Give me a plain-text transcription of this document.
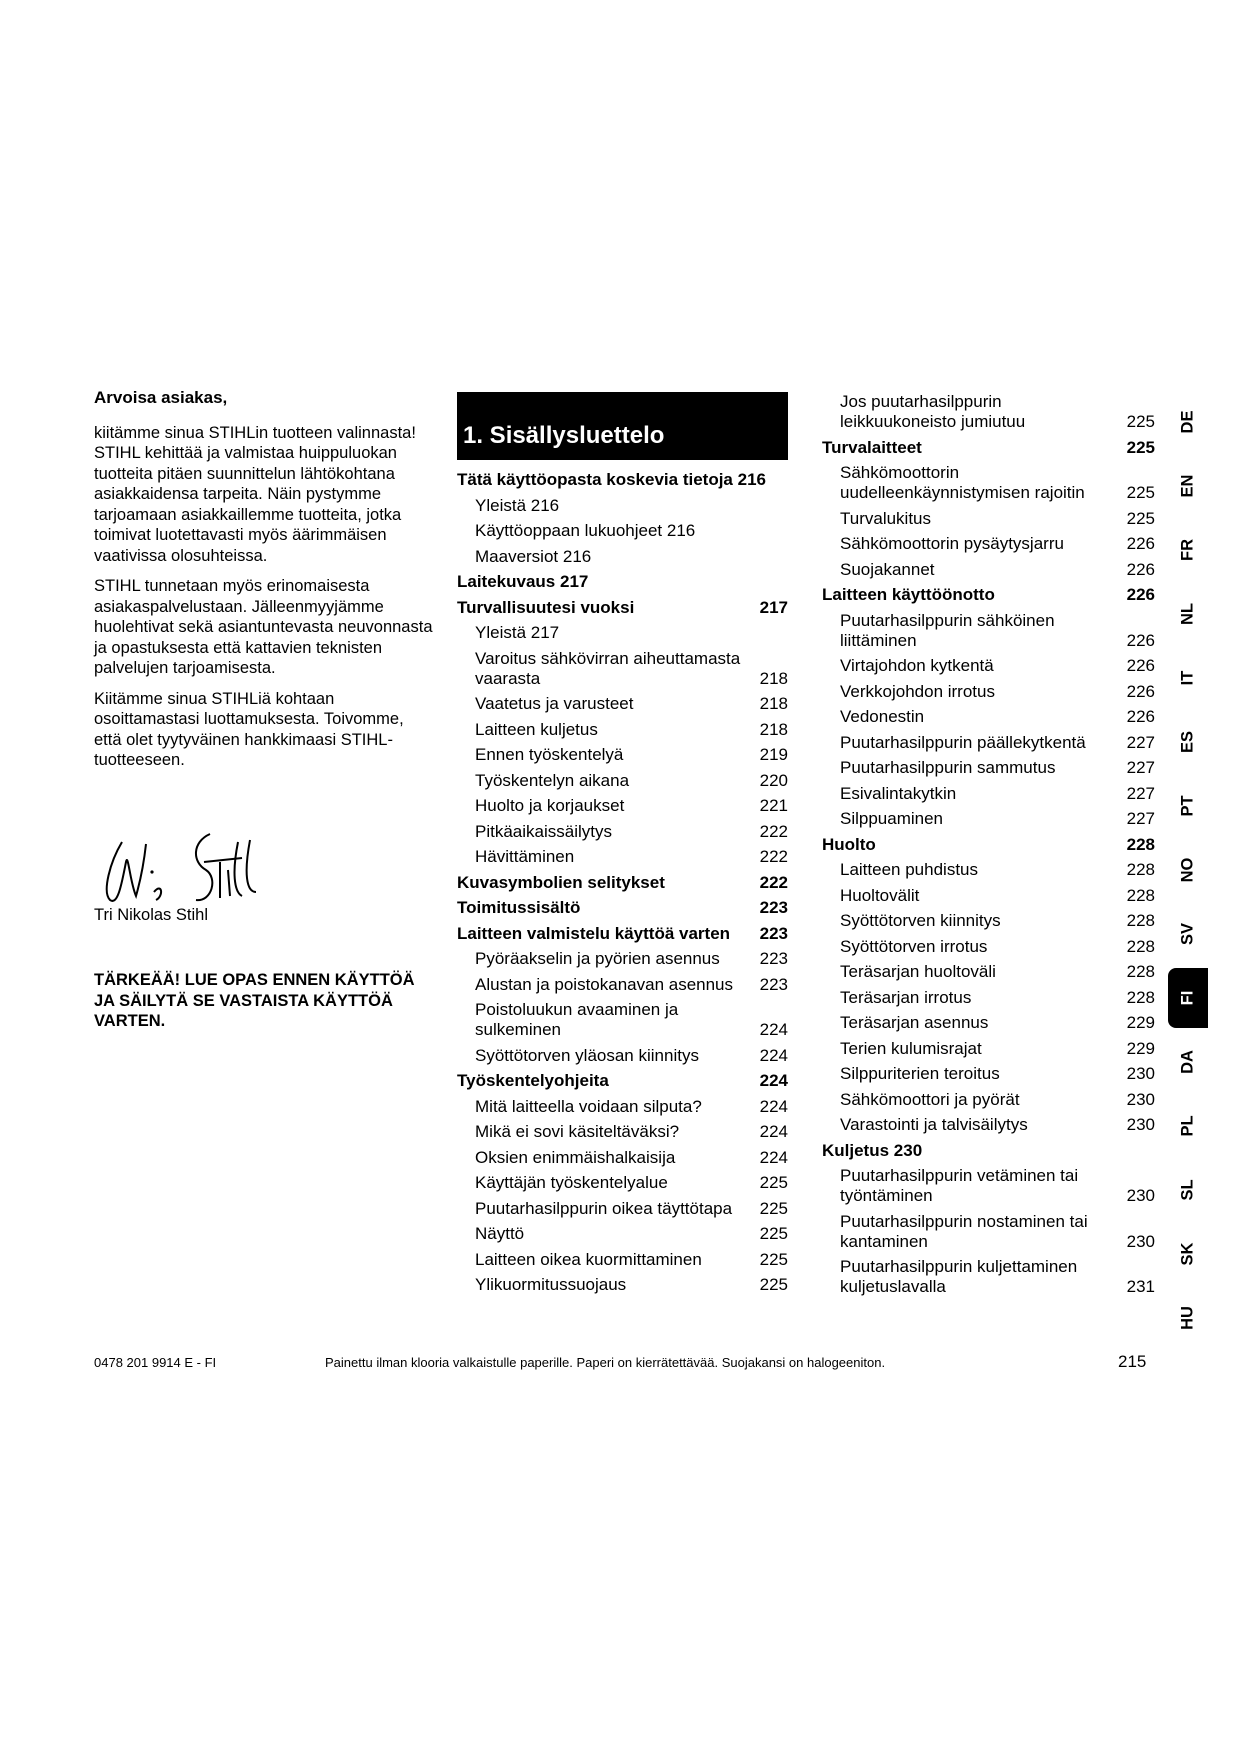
Arvoisa asiakas,

kiitämme sinua STIHLin tuotteen valinnasta! STIHL kehittää ja valmistaa huippuluokan tuotteita pitäen suunnittelun lähtökohtana asiakkaidensa tarpeita. Näin pystymme tarjoamaan asiakkaillemme tuotteita, jotka toimivat luotettavasti myös äärimmäisen vaativissa olosuhteissa.

STIHL tunnetaan myös erinomaisesta asiakaspalvelustaan. Jälleenmyyjämme huolehtivat sekä asiantuntevasta neuvonnasta ja opastuksesta että kattavien teknisten palvelujen tarjoamisesta.

Kiitämme sinua STIHLiä kohtaan osoittamastasi luottamuksesta. Toivomme, että olet tyytyväinen hankkimaasi STIHL-tuotteeseen.

Tri Nikolas Stihl
TÄRKEÄÄ! LUE OPAS ENNEN KÄYTTÖÄ JA SÄILYTÄ SE VASTAISTA KÄYTTÖÄ VARTEN.
1. Sisällysluettelo
Tätä käyttöopasta koskevia tietoja 216
Yleistä 216
Käyttöoppaan lukuohjeet 216
Maaversiot 216
Laitekuvaus 217
Turvallisuutesi vuoksi	217
Yleistä 217
Varoitus sähkövirran aiheuttamasta vaarasta	218
Vaatetus ja varusteet	218
Laitteen kuljetus	218
Ennen työskentelyä	219
Työskentelyn aikana	220
Huolto ja korjaukset	221
Pitkäaikaissäilytys	222
Hävittäminen	222
Kuvasymbolien selitykset	222
Toimitussisältö	223
Laitteen valmistelu käyttöä varten	223
Pyöräakselin ja pyörien asennus	223
Alustan ja poistokanavan asennus	223
Poistoluukun avaaminen ja sulkeminen	224
Syöttötorven yläosan kiinnitys	224
Työskentelyohjeita	224
Mitä laitteella voidaan silputa?	224
Mikä ei sovi käsiteltäväksi?	224
Oksien enimmäishalkaisija	224
Käyttäjän työskentelyalue	225
Puutarhasilppurin oikea täyttötapa	225
Näyttö	225
Laitteen oikea kuormittaminen	225
Ylikuormitussuojaus	225
Jos puutarhasilppurin leikkuukoneisto jumiutuu	225
Turvalaitteet	225
Sähkömoottorin uudelleenkäynnistymisen rajoitin	225
Turvalukitus	225
Sähkömoottorin pysäytysjarru	226
Suojakannet	226
Laitteen käyttöönotto	226
Puutarhasilppurin sähköinen liittäminen	226
Virtajohdon kytkentä	226
Verkkojohdon irrotus	226
Vedonestin	226
Puutarhasilppurin päällekytkentä	227
Puutarhasilppurin sammutus	227
Esivalintakytkin	227
Silppuaminen	227
Huolto	228
Laitteen puhdistus	228
Huoltovälit	228
Syöttötorven kiinnitys	228
Syöttötorven irrotus	228
Teräsarjan huoltoväli	228
Teräsarjan irrotus	228
Teräsarjan asennus	229
Terien kulumisrajat	229
Silppuriterien teroitus	230
Sähkömoottori ja pyörät	230
Varastointi ja talvisäilytys	230
Kuljetus 230
Puutarhasilppurin vetäminen tai työntäminen	230
Puutarhasilppurin nostaminen tai kantaminen	230
Puutarhasilppurin kuljettaminen kuljetuslavalla	231
DE
EN
FR
NL
IT
ES
PT
NO
SV
FI
DA
PL
SL
SK
HU
0478 201 9914 E - FI	Painettu ilman klooria valkaistulle paperille. Paperi on kierrätettävää. Suojakansi on halogeeniton.	215
